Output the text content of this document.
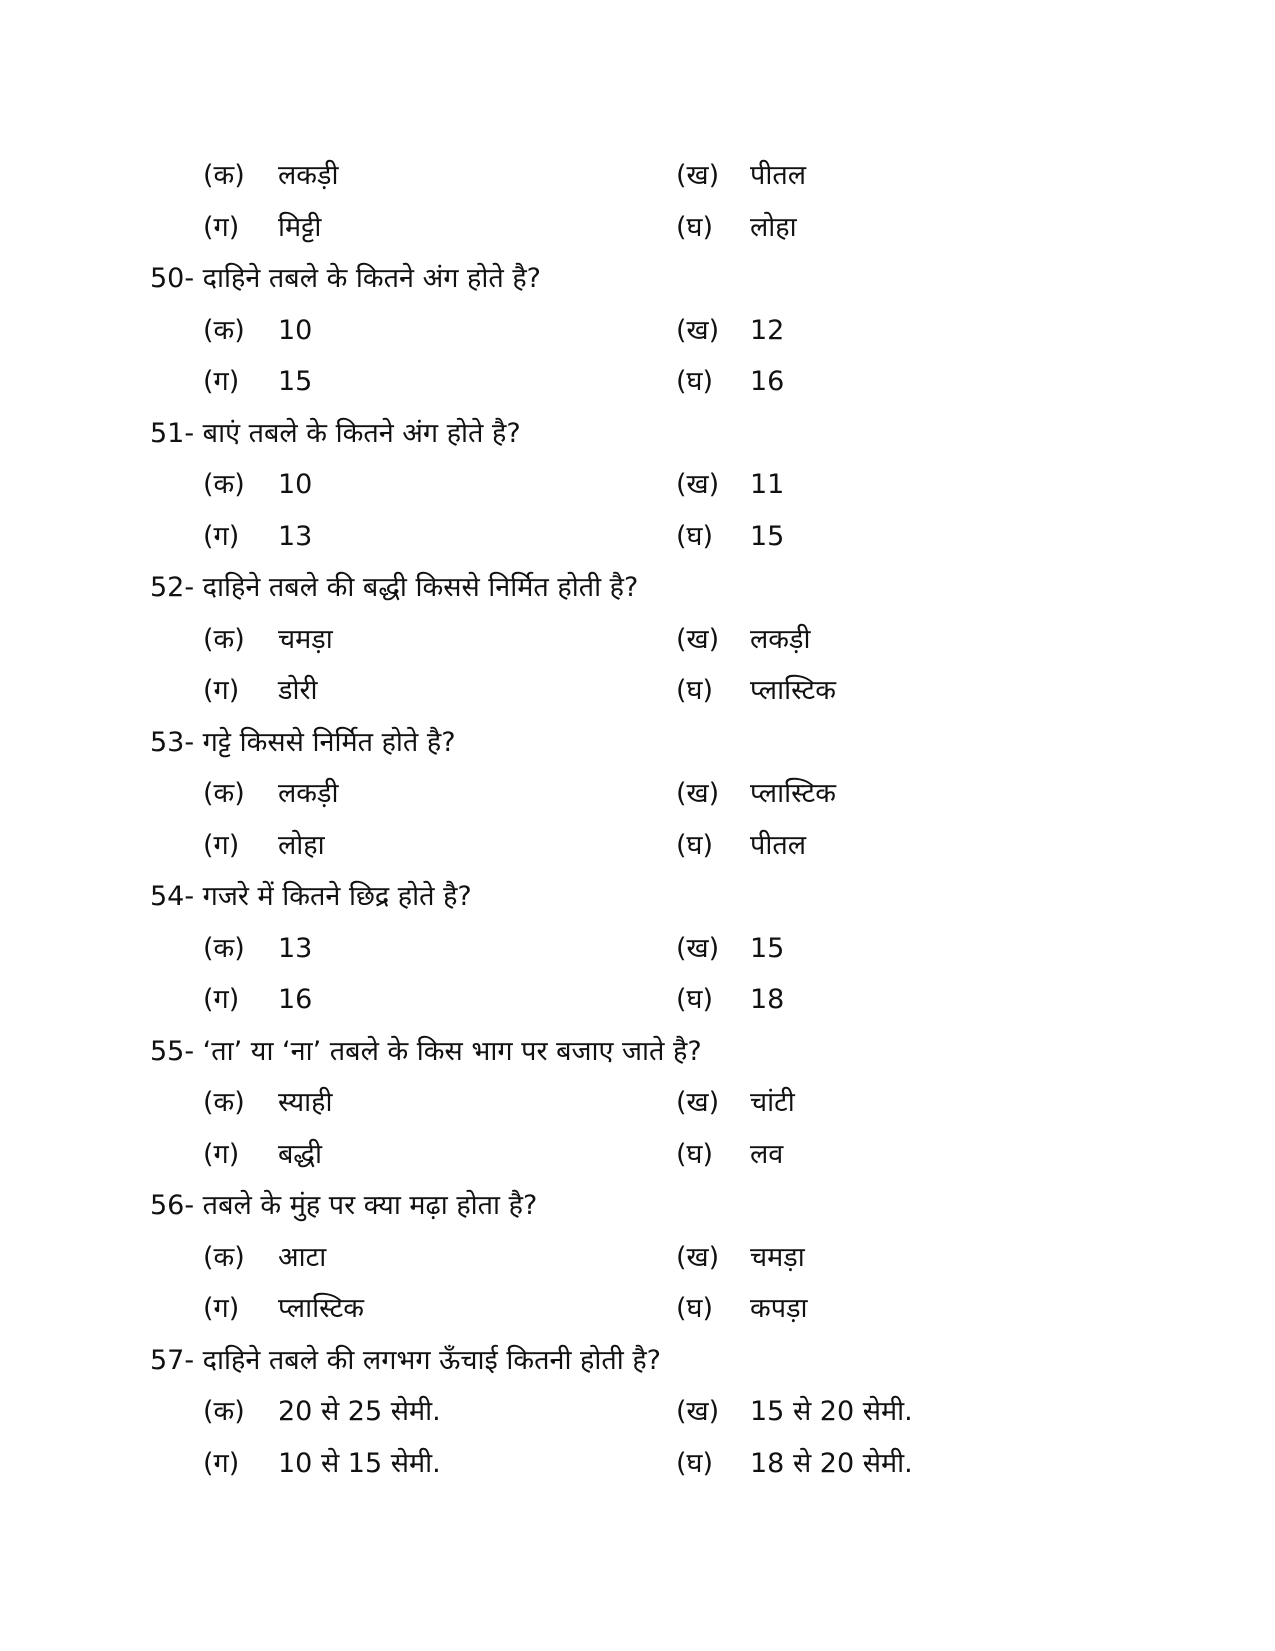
(क) लकड़ी	(ख) पीतल
(ग) मिट्टी	(घ) लोहा
50- दाहिने तबले के कितने अंग होते है?
(क) 10	(ख) 12
(ग) 15	(घ) 16
51- बाएं तबले के कितने अंग होते है?
(क) 10	(ख) 11
(ग) 13	(घ) 15
52- दाहिने तबले की बद्धी किससे निर्मित होती है?
(क) चमड़ा	(ख) लकड़ी
(ग) डोरी	(घ) प्लास्टिक
53- गट्टे किससे निर्मित होते है?
(क) लकड़ी	(ख) प्लास्टिक
(ग) लोहा	(घ) पीतल
54- गजरे में कितने छिद्र होते है?
(क) 13	(ख) 15
(ग) 16	(घ) 18
55- ‘ता’ या ‘ना’ तबले के किस भाग पर बजाए जाते है?
(क) स्याही	(ख) चांटी
(ग) बद्धी	(घ) लव
56- तबले के मुंह पर क्या मढ़ा होता है?
(क) आटा	(ख) चमड़ा
(ग) प्लास्टिक	(घ) कपड़ा
57- दाहिने तबले की लगभग ऊँचाई कितनी होती है?
(क) 20 से 25 सेमी.	(ख) 15 से 20 सेमी.
(ग) 10 से 15 सेमी.	(घ) 18 से 20 सेमी.
